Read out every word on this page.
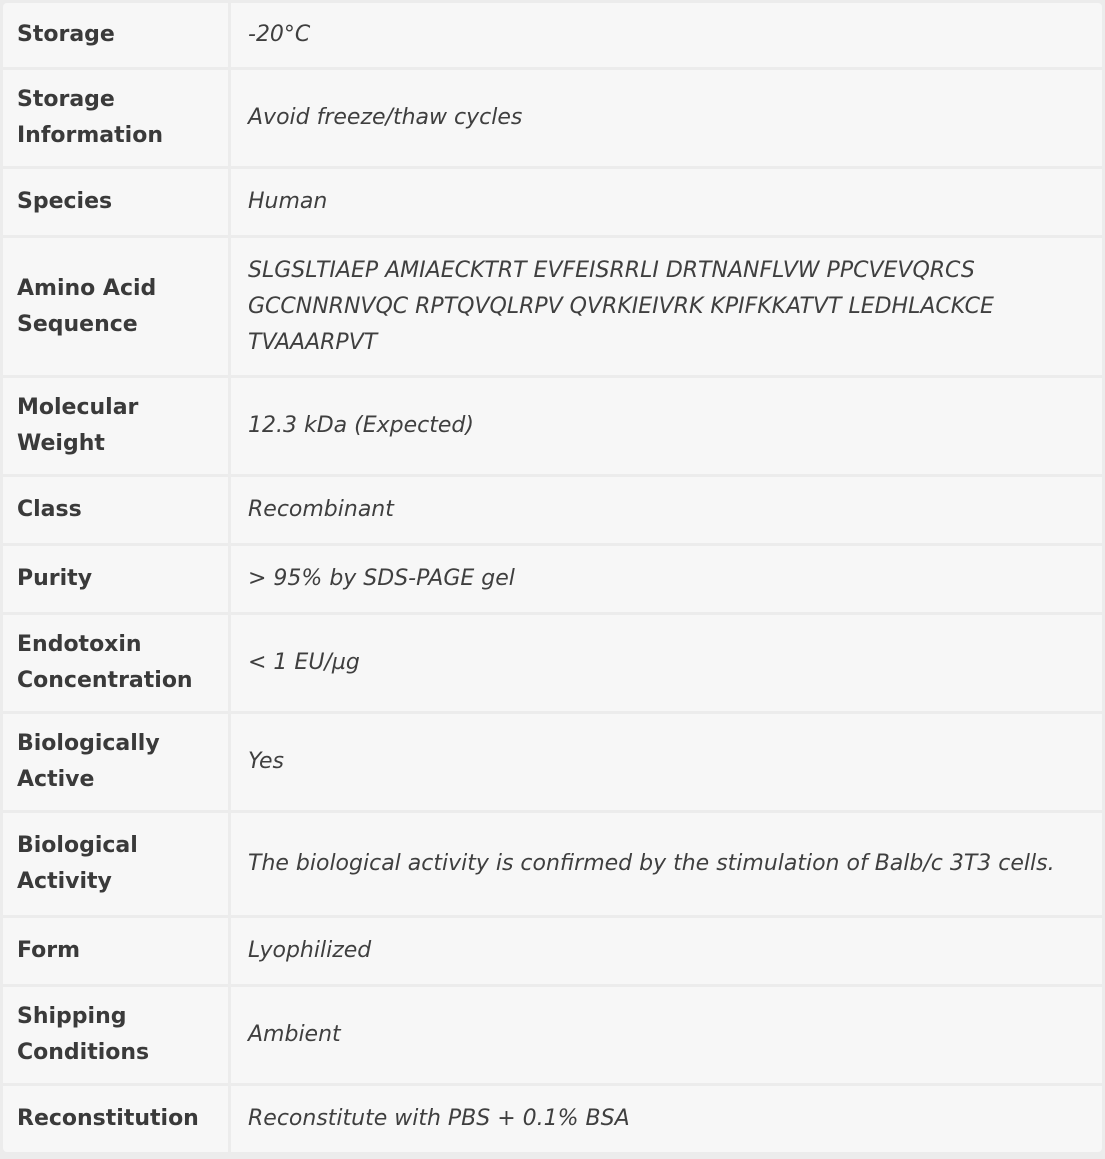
Storage	-20°C
Storage Information	Avoid freeze/thaw cycles
Species	Human
Amino Acid Sequence	SLGSLTIAEP AMIAECKTRT EVFEISRRLI DRTNANFLVW PPCVEVQRCS GCCNNRNVQC RPTQVQLRPV QVRKIEIVRK KPIFKKATVT LEDHLACKCE TVAAARPVT
Molecular Weight	12.3 kDa (Expected)
Class	Recombinant
Purity	> 95% by SDS-PAGE gel
Endotoxin Concentration	< 1 EU/µg
Biologically Active	Yes
Biological Activity	The biological activity is confirmed by the stimulation of Balb/c 3T3 cells.
Form	Lyophilized
Shipping Conditions	Ambient
Reconstitution	Reconstitute with PBS + 0.1% BSA
